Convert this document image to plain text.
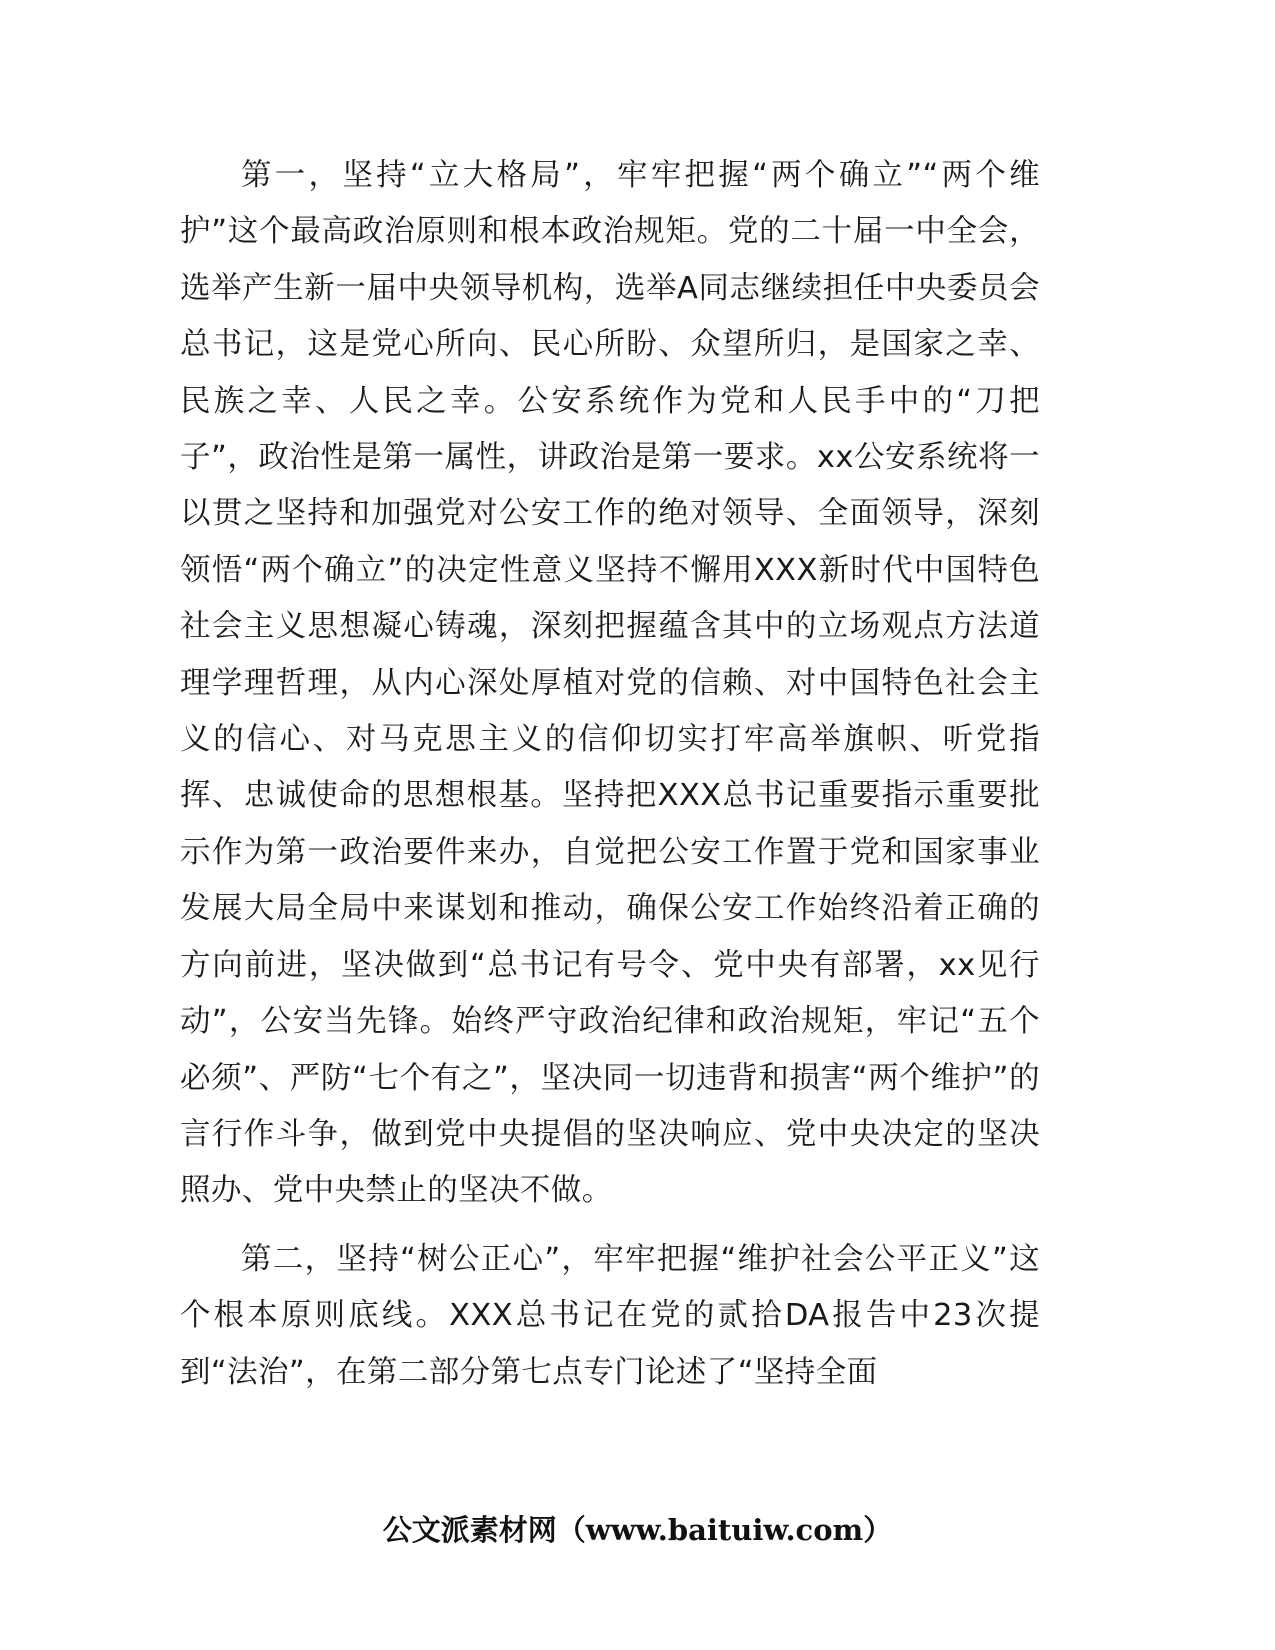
第一，坚持“立大格局”，牢牢把握“两个确立”“两个维护”这个最高政治原则和根本政治规矩。党的二十届一中全会，选举产生新一届中央领导机构，选举A同志继续担任中央委员会总书记，这是党心所向、民心所盼、众望所归，是国家之幸、民族之幸、人民之幸。公安系统作为党和人民手中的“刀把子”，政治性是第一属性，讲政治是第一要求。xx公安系统将一以贯之坚持和加强党对公安工作的绝对领导、全面领导，深刻领悟“两个确立”的决定性意义坚持不懈用XXX新时代中国特色社会主义思想凝心铸魂，深刻把握蕴含其中的立场观点方法道理学理哲理，从内心深处厚植对党的信赖、对中国特色社会主义的信心、对马克思主义的信仰切实打牢高举旗帜、听党指挥、忠诚使命的思想根基。坚持把XXX总书记重要指示重要批示作为第一政治要件来办，自觉把公安工作置于党和国家事业发展大局全局中来谋划和推动，确保公安工作始终沿着正确的方向前进，坚决做到“总书记有号令、党中央有部署，xx见行动”，公安当先锋。始终严守政治纪律和政治规矩，牢记“五个必须”、严防“七个有之”，坚决同一切违背和损害“两个维护”的言行作斗争，做到党中央提倡的坚决响应、党中央决定的坚决照办、党中央禁止的坚决不做。

第二，坚持“树公正心”，牢牢把握“维护社会公平正义”这个根本原则底线。XXX总书记在党的贰拾DA报告中23次提到“法治”，在第二部分第七点专门论述了“坚持全面

公文派素材网（www.baituiw.com）
